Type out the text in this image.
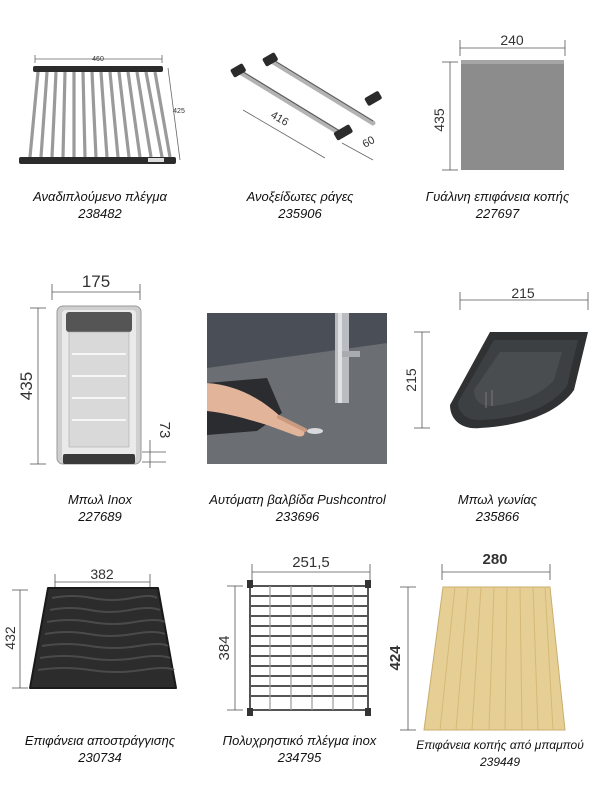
460
425
Αναδιπλούμενο πλέγμα
238482
416
60
Ανοξείδωτες ράγες
235906
240
435
Γυάλινη επιφάνεια κοπής
227697
175
435
73
Μπωλ Inox
227689
Αυτόματη βαλβίδα Pushcontrol
233696
215
215
Μπωλ γωνίας
235866
382
432
Επιφάνεια αποστράγγισης
230734
251,5
384
Πολυχρηστικό πλέγμα inox
234795
280
424
Επιφάνεια κοπής από μπαμπού
239449
